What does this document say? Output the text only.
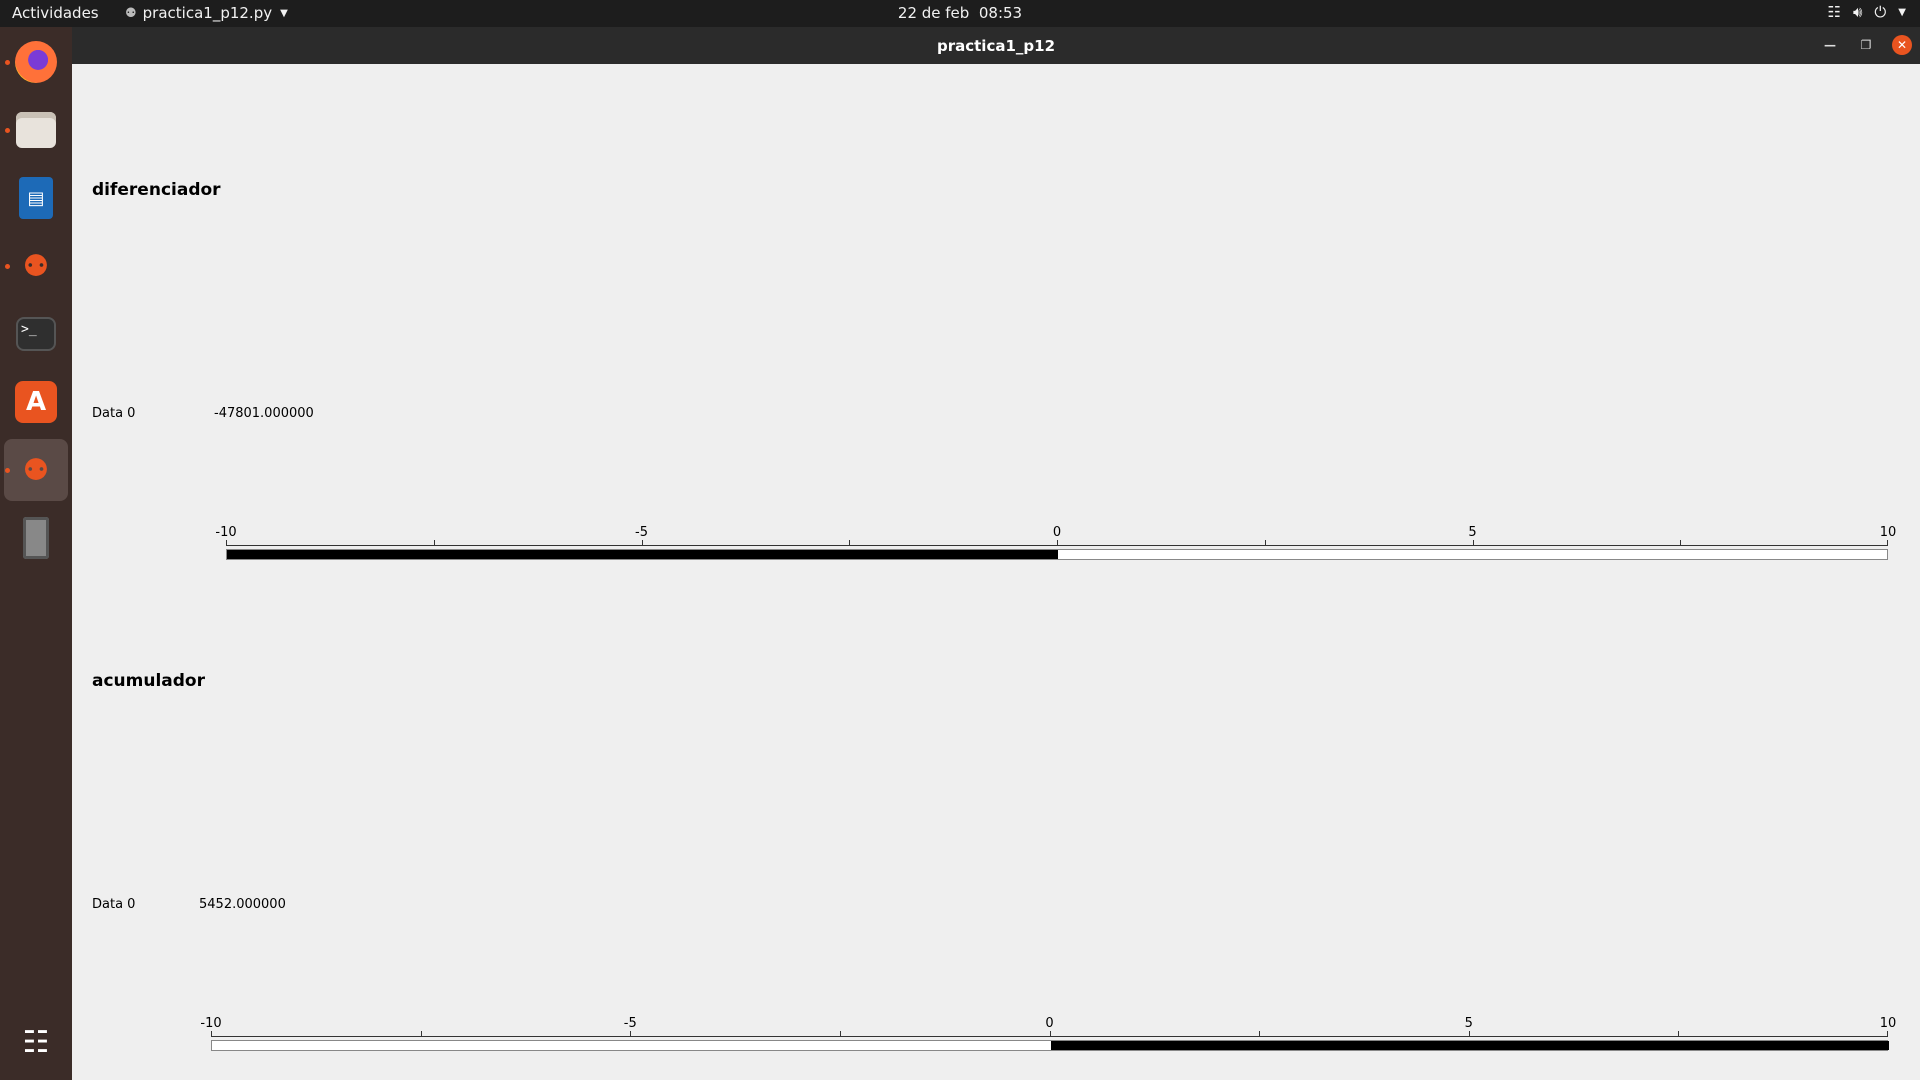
Actividades ⚉ practica1_p12.py ▼	22 de feb 08:53	☷ 🔊︎ ⏻ ▼
▤
⚉
>_
A
⚉
☷
practica1_p12	—	❐	✕
diferenciador
Data 0	-47801.000000
-10	-5	0	5	10
acumulador
Data 0	5452.000000
-10	-5	0	5	10
